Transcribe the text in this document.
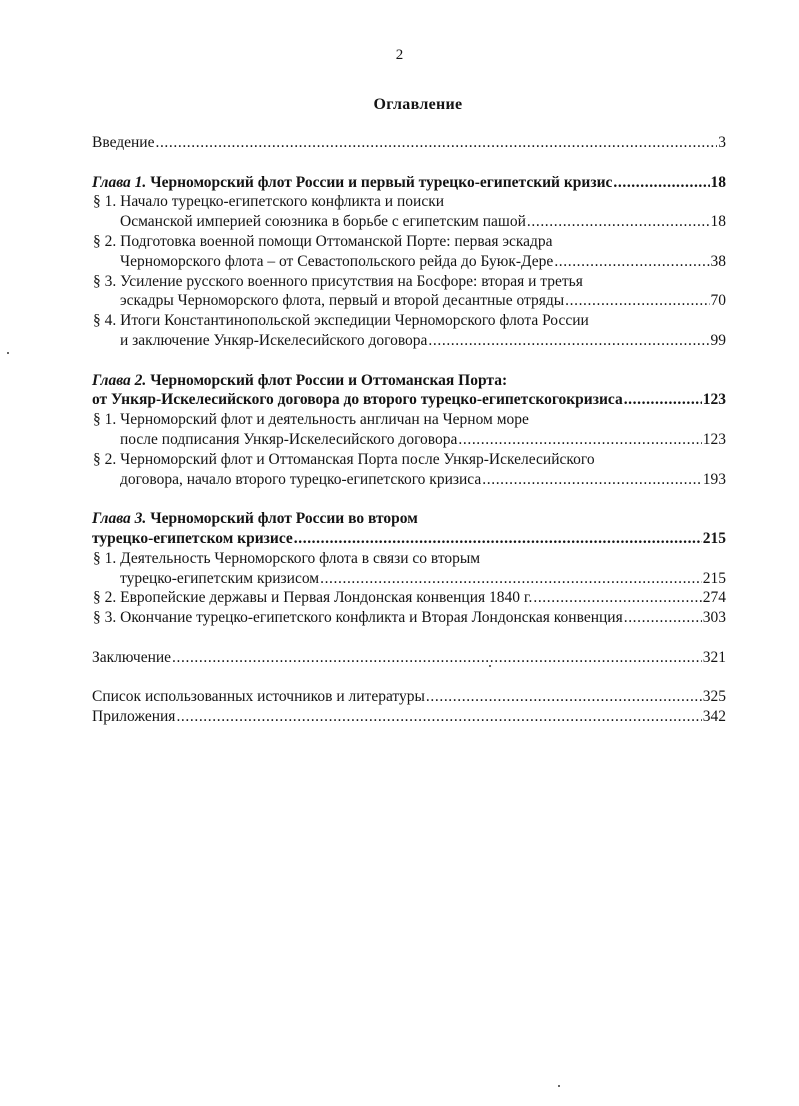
2
Оглавление
Введение .....	3
Глава 1. Черноморский флот России и первый турецко-египетский кризис .....	18
§ 1. Начало турецко-египетского конфликта и поиски
Османской империей союзника в борьбе с египетским пашой .....	18
§ 2. Подготовка военной помощи Оттоманской Порте: первая эскадра
Черноморского флота – от Севастопольского рейда до Буюк-Дере .....	38
§ 3. Усиление русского военного присутствия на Босфоре: вторая и третья
эскадры Черноморского флота, первый и второй десантные отряды .....	70
§ 4. Итоги Константинопольской экспедиции Черноморского флота России
и заключение Ункяр-Искелесийского договора .....	99
Глава 2. Черноморский флот России и Оттоманская Порта:
от Ункяр-Искелесийского договора до второго турецко-египетскогокризиса .....	123
§ 1. Черноморский флот и деятельность англичан на Черном море
после подписания Ункяр-Искелесийского договора .....	123
§ 2. Черноморский флот и Оттоманская Порта после Ункяр-Искелесийского
договора, начало второго турецко-египетского кризиса .....	193
Глава 3. Черноморский флот России во втором
турецко-египетском кризисе .....	215
§ 1. Деятельность Черноморского флота в связи со вторым
турецко-египетским кризисом .....	215
§ 2. Европейские державы и Первая Лондонская конвенция 1840 г. .....	274
§ 3. Окончание турецко-египетского конфликта и Вторая Лондонская конвенция .....	303
Заключение .....	321
Список использованных источников и литературы .....	325
Приложения .....	342
